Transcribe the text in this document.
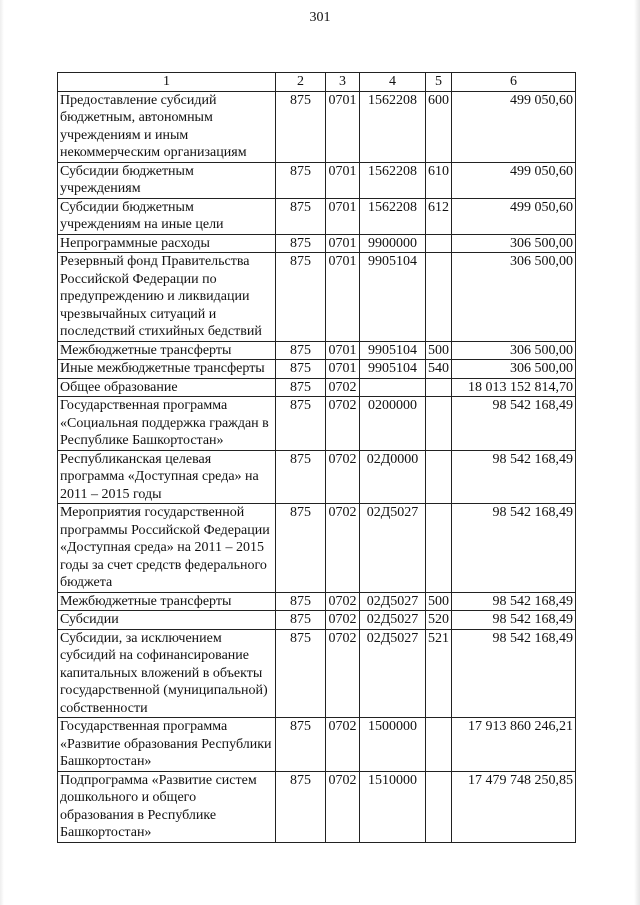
301
1	2	3	4	5	6
Предоставление субсидий бюджетным, автономным учреждениям и иным некоммерческим организациям	875	0701	1562208	600	499 050,60
Субсидии бюджетным учреждениям	875	0701	1562208	610	499 050,60
Субсидии бюджетным учреждениям на иные цели	875	0701	1562208	612	499 050,60
Непрограммные расходы	875	0701	9900000		306 500,00
Резервный фонд Правительства Российской Федерации по предупреждению и ликвидации чрезвычайных ситуаций и последствий стихийных бедствий	875	0701	9905104		306 500,00
Межбюджетные трансферты	875	0701	9905104	500	306 500,00
Иные межбюджетные трансферты	875	0701	9905104	540	306 500,00
Общее образование	875	0702			18 013 152 814,70
Государственная программа «Социальная поддержка граждан в Республике Башкортостан»	875	0702	0200000		98 542 168,49
Республиканская целевая программа «Доступная среда» на 2011 – 2015 годы	875	0702	02Д0000		98 542 168,49
Мероприятия государственной программы Российской Федерации «Доступная среда» на 2011 – 2015 годы за счет средств федерального бюджета	875	0702	02Д5027		98 542 168,49
Межбюджетные трансферты	875	0702	02Д5027	500	98 542 168,49
Субсидии	875	0702	02Д5027	520	98 542 168,49
Субсидии, за исключением субсидий на софинансирование капитальных вложений в объекты государственной (муниципальной) собственности	875	0702	02Д5027	521	98 542 168,49
Государственная программа «Развитие образования Республики Башкортостан»	875	0702	1500000		17 913 860 246,21
Подпрограмма «Развитие систем дошкольного и общего образования в Республике Башкортостан»	875	0702	1510000		17 479 748 250,85
